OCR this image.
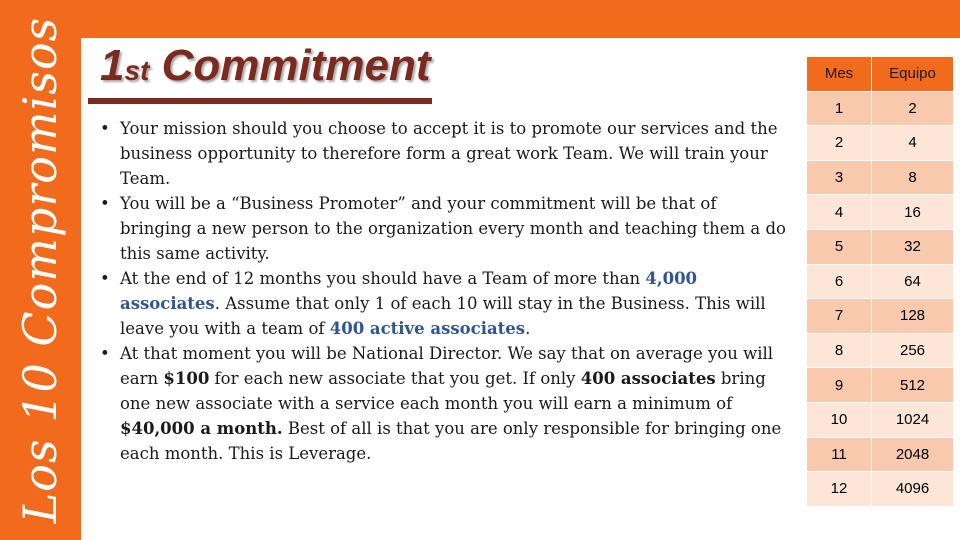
Los 10 Compromisos 1st Commitment
• Your mission should you choose to accept it is to promote our services and the business opportunity to therefore form a great work Team. We will train your Team.
• You will be a “Business Promoter” and your commitment will be that of bringing a new person to the organization every month and teaching them a do this same activity.
• At the end of 12 months you should have a Team of more than 4,000 associates. Assume that only 1 of each 10 will stay in the Business. This will leave you with a team of 400 active associates.
• At that moment you will be National Director. We say that on average you will earn $100 for each new associate that you get. If only 400 associates bring one new associate with a service each month you will earn a minimum of $40,000 a month. Best of all is that you are only responsible for bringing one each month. This is Leverage.
Mes	Equipo
1	2
2	4
3	8
4	16
5	32
6	64
7	128
8	256
9	512
10	1024
11	2048
12	4096
